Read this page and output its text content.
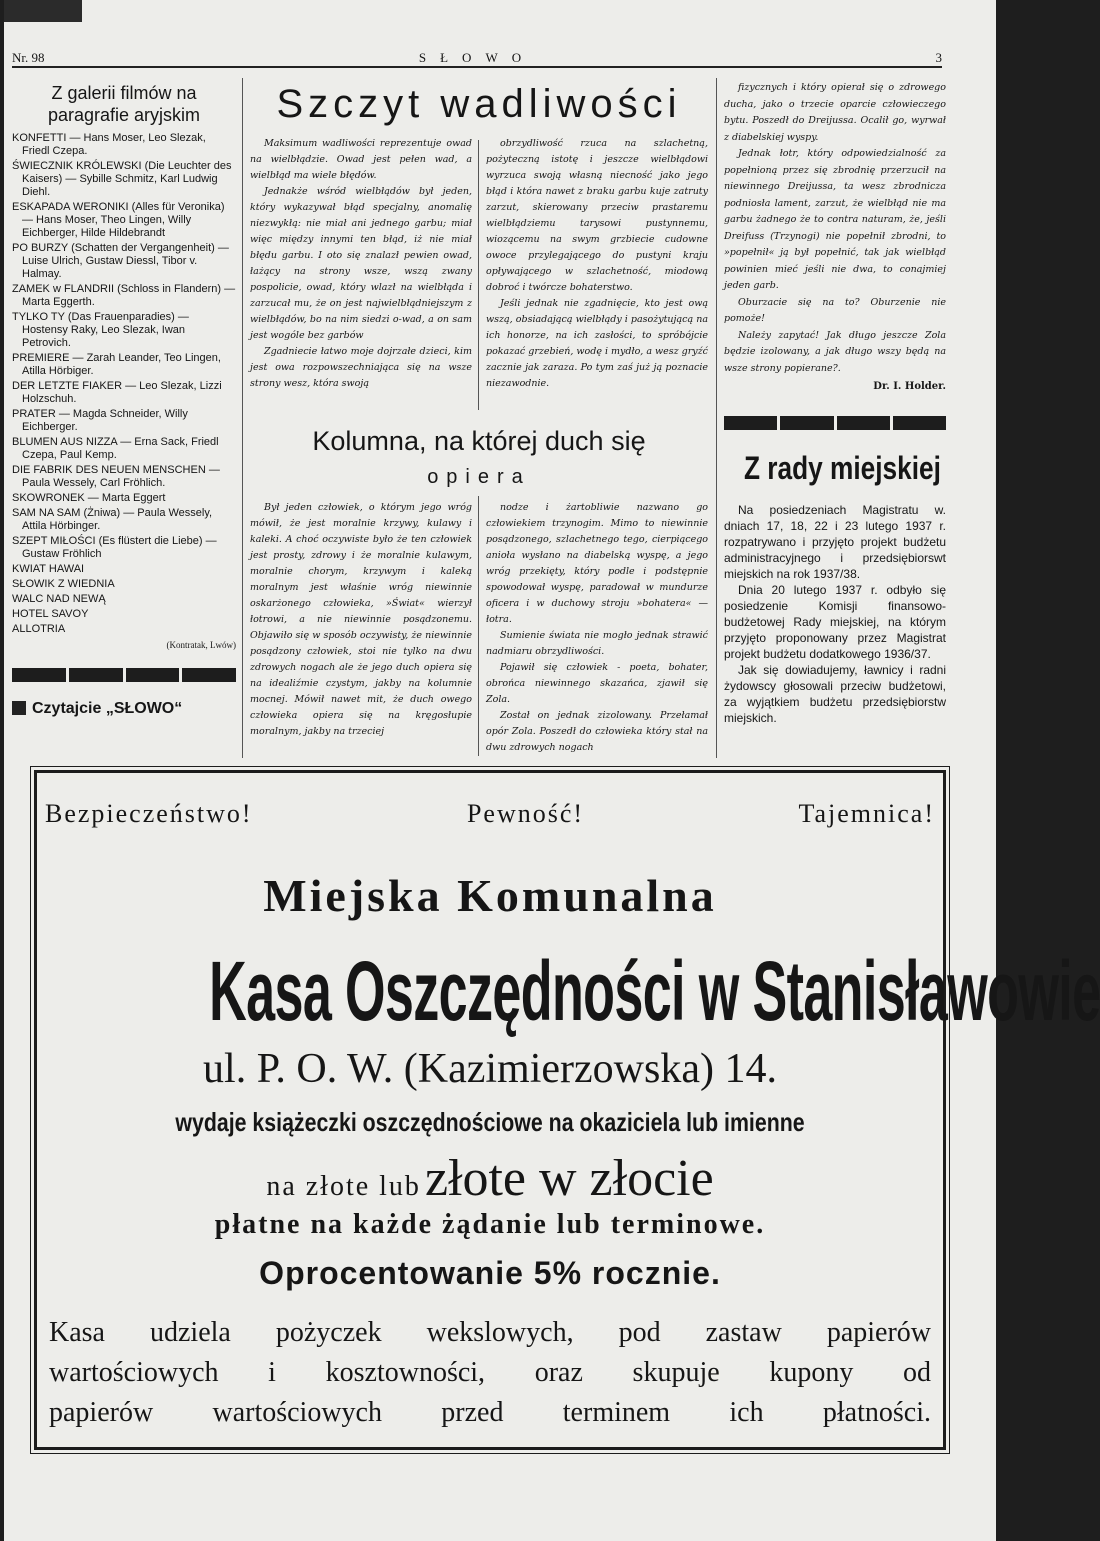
Nr. 98	SŁOWO	3
Z galerii filmów na
paragrafie aryjskim
KONFETTI — Hans Moser, Leo Slezak, Friedl Czepa.
ŚWIECZNIK KRÓLEWSKI (Die Leuchter des Kaisers) — Sybille Schmitz, Karl Ludwig Diehl.
ESKAPADA WERONIKI (Alles für Veronika) — Hans Moser, Theo Lingen, Willy Eichberger, Hilde Hildebrandt
PO BURZY (Schatten der Vergangenheit) — Luise Ulrich, Gustaw Diessl, Tibor v. Halmay.
ZAMEK w FLANDRII (Schloss in Flandern) —Marta Eggerth.
TYLKO TY (Das Frauenparadies) — Hostensy Raky, Leo Slezak, Iwan Petrovich.
PREMIERE — Zarah Leander, Teo Lingen, Atilla Hörbiger.
DER LETZTE FIAKER — Leo Slezak, Lizzi Holzschuh.
PRATER — Magda Schneider, Willy Eichberger.
BLUMEN AUS NIZZA — Erna Sack, Friedl Czepa, Paul Kemp.
DIE FABRIK DES NEUEN MENSCHEN — Paula Wessely, Carl Fröhlich.
SKOWRONEK — Marta Eggert
SAM NA SAM (Żniwa) — Paula Wessely, Attila Hörbinger.
SZEPT MIŁOŚCI (Es flüstert die Liebe) — Gustaw Fröhlich
KWIAT HAWAI
SŁOWIK Z WIEDNIA
WALC NAD NEWĄ
HOTEL SAVOY
ALLOTRIA
(Kontratak, Lwów)
Czytajcie „SŁOWO“
Szczyt wadliwości

Maksimum wadliwości reprezentuje owad na wielbłądzie. Owad jest pełen wad, a wielbłąd ma wiele błędów.

Jednakże wśród wielbłądów był jeden, który wykazywał błąd specjalny, anomalię niezwykłą: nie miał ani jednego garbu; miał więc między innymi ten błąd, iż nie miał błędu garbu. I oto się znalazł pewien owad, łażący na strony wsze, wszą zwany pospolicie, owad, który wlazł na wielbłąda i zarzucał mu, że on jest najwielbłądniejszym z wielbłądów, bo na nim siedzi o-wad, a on sam jest wogóle bez garbów

Zgadniecie łatwo moje dojrzałe dzieci, kim jest owa rozpowszechniająca się na wsze strony wesz, która swoją

obrzydliwość rzuca na szlachetną, pożyteczną istotę i jeszcze wielbłądowi wyrzuca swoją własną niecność jako jego błąd i która nawet z braku garbu kuje zatruty zarzut, skierowany przeciw prastaremu wielbłądziemu tarysowi pustynnemu, wiozącemu na swym grzbiecie cudowne owoce przylegającego do pustyni kraju opływającego w szlachetność, miodową dobroć i twórcze bohaterstwo.

Jeśli jednak nie zgadnięcie, kto jest ową wszą, obsiadającą wielbłądy i pasożytującą na ich honorze, na ich zasłości, to spróbójcie pokazać grzebień, wodę i mydło, a wesz gryźć zacznie jak zaraza. Po tym zaś już ją poznacie niezawodnie.

Kolumna, na której duch się
opiera

Był jeden człowiek, o którym jego wróg mówił, że jest moralnie krzywy, kulawy i kaleki. A choć oczywiste było że ten człowiek jest prosty, zdrowy i że moralnie kulawym, moralnie chorym, krzywym i kaleką moralnym jest właśnie wróg niewinnie oskarżonego człowieka, »Świat« wierzył łotrowi, a nie niewinnie posądzonemu. Objawiło się w sposób oczywisty, że niewinnie posądzony człowiek, stoi nie tylko na dwu zdrowych nogach ale że jego duch opiera się na idealiźmie czystym, jakby na kolumnie mocnej. Mówił nawet mit, że duch owego człowieka opiera się na kręgosłupie moralnym, jakby na trzeciej

nodze i żartobliwie nazwano go człowiekiem trzynogim. Mimo to niewinnie posądzonego, szlachetnego tego, cierpiącego anioła wysłano na diabelską wyspę, a jego wróg przekięty, który podle i podstępnie spowodował wyspę, paradował w mundurze oficera i w duchowy stroju »bohatera« — łotra.

Sumienie świata nie mogło jednak strawić nadmiaru obrzydliwości.

Pojawił się człowiek - poeta, bohater, obrońca niewinnego skazańca, zjawił się Zola.

Został on jednak zizolowany. Przełamał opór Zola. Poszedł do człowieka który stał na dwu zdrowych nogach

fizycznych i który opierał się o zdrowego ducha, jako o trzecie oparcie człowieczego bytu. Poszedł do Dreijussa. Ocalił go, wyrwał z diabelskiej wyspy.

Jednak łotr, który odpowiedzialność za popełnioną przez się zbrodnię przerzucił na niewinnego Dreijussa, ta wesz zbrodnicza podniosła lament, zarzut, że wielbłąd nie ma garbu żadnego że to contra naturam, że, jeśli Dreifuss (Trzynogi) nie popełnił zbrodni, to »popełnił« ją był popełnić, tak jak wielbłąd powinien mieć jeśli nie dwa, to conajmiej jeden garb.

Oburzacie się na to? Oburzenie nie pomoże!

Należy zapytać! Jak długo jeszcze Zola będzie izolowany, a jak długo wszy będą na wsze strony popierane?.

Dr. I. Holder.
Z rady miejskiej

Na posiedzeniach Magistratu w. dniach 17, 18, 22 i 23 lutego 1937 r. rozpatrywano i przyjęto projekt budżetu administracyjnego i przedsiębiorswt miejskich na rok 1937/38.

Dnia 20 lutego 1937 r. odbyło się posiedzenie Komisji finansowo-budżetowej Rady miejskiej, na którym przyjęto proponowany przez Magistrat projekt budżetu dodatkowego 1936/37.

Jak się dowiadujemy, ławnicy i radni żydowscy głosowali przeciw budżetowi, za wyjątkiem budżetu przedsiębiorstw miejskich.

Bezpieczeństwo!	Pewność!	Tajemnica!
Miejska Komunalna
Kasa Oszczędności w Stanisławowie
ul. P. O. W. (Kazimierzowska) 14.
wydaje książeczki oszczędnościowe na okaziciela lub imienne
na złote lub złote w złocie
płatne na każde żądanie lub terminowe.
Oprocentowanie 5% rocznie.
Kasa udziela pożyczek wekslowych, pod zastaw papierów
wartościowych i kosztowności, oraz skupuje kupony od
papierów wartościowych przed terminem ich płatności.
